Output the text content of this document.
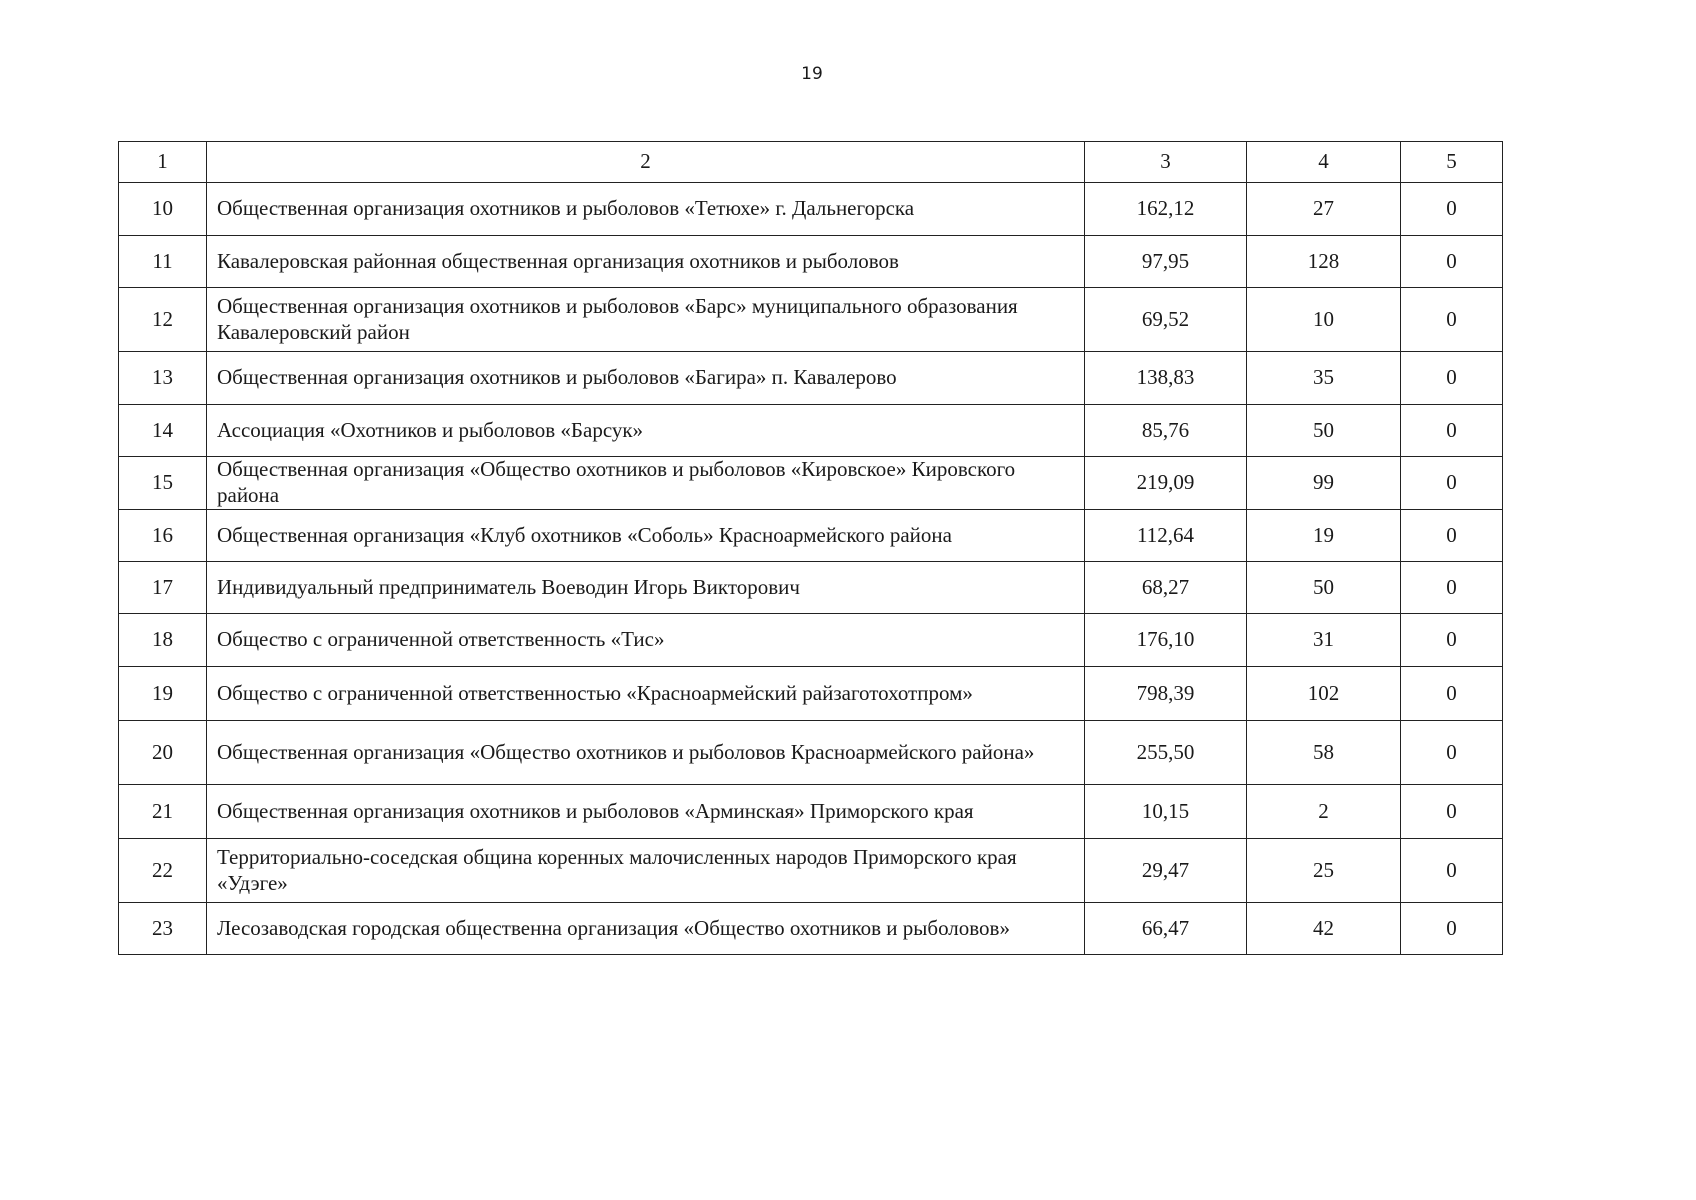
19
1	2	3	4	5
10	Общественная организация охотников и рыболовов «Тетюхе» г. Дальнегорска	162,12	27	0
11	Кавалеровская районная общественная организация охотников и рыболовов	97,95	128	0
12	Общественная организация охотников и рыболовов «Барс» муниципального образования Кавалеровский район	69,52	10	0
13	Общественная организация охотников и рыболовов «Багира» п. Кавалерово	138,83	35	0
14	Ассоциация «Охотников и рыболовов «Барсук»	85,76	50	0
15	Общественная организация «Общество охотников и рыболовов «Кировское» Кировского района	219,09	99	0
16	Общественная организация «Клуб охотников «Соболь» Красноармейского района	112,64	19	0
17	Индивидуальный предприниматель Воеводин Игорь Викторович	68,27	50	0
18	Общество с ограниченной ответственность «Тис»	176,10	31	0
19	Общество с ограниченной ответственностью «Красноармейский райзаготохотпром»	798,39	102	0
20	Общественная организация «Общество охотников и рыболовов Красноармейского района»	255,50	58	0
21	Общественная организация охотников и рыболовов «Арминская» Приморского края	10,15	2	0
22	Территориально-соседская община коренных малочисленных народов Приморского края «Удэге»	29,47	25	0
23	Лесозаводская городская общественна организация «Общество охотников и рыболовов»	66,47	42	0
